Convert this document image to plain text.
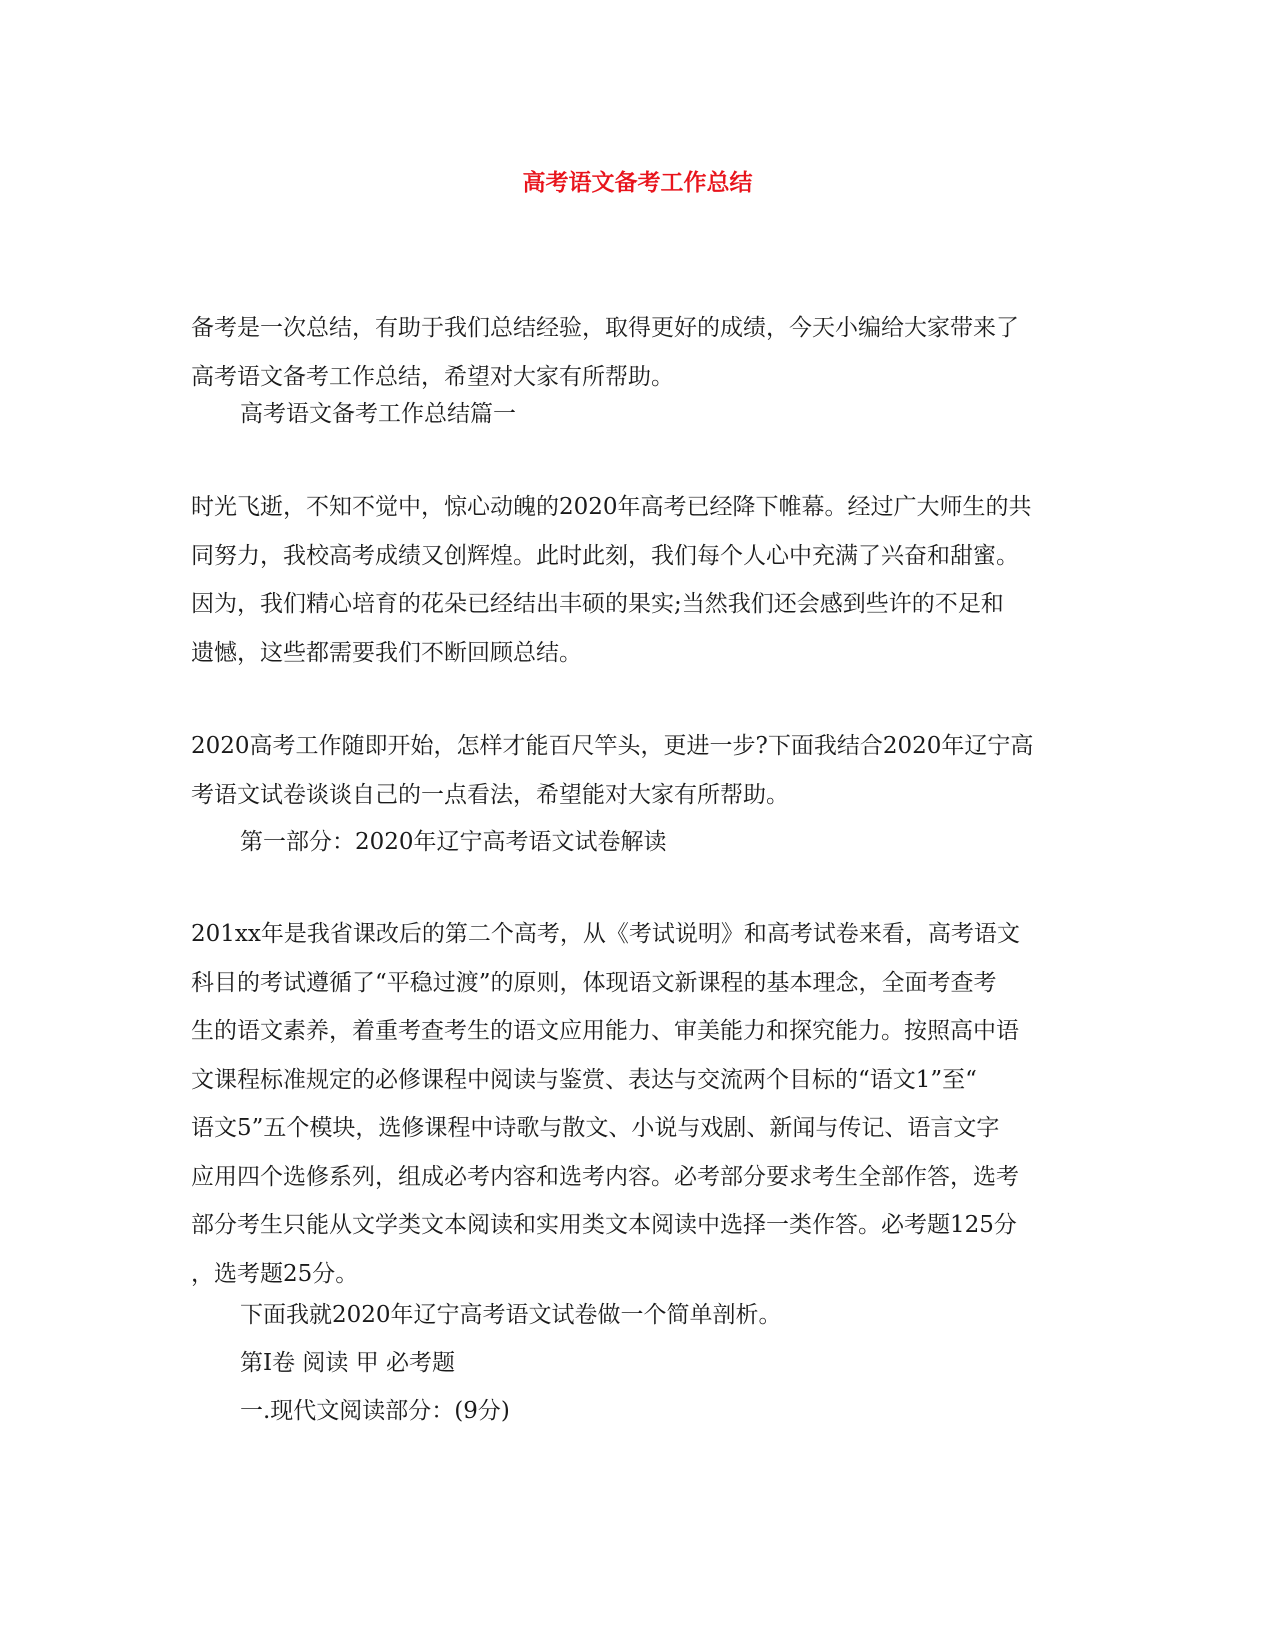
高考语文备考工作总结
备考是一次总结，有助于我们总结经验，取得更好的成绩，今天小编给大家带来了
高考语文备考工作总结，希望对大家有所帮助。
高考语文备考工作总结篇一
时光飞逝，不知不觉中，惊心动魄的2020年高考已经降下帷幕。经过广大师生的共
同努力，我校高考成绩又创辉煌。此时此刻，我们每个人心中充满了兴奋和甜蜜。
因为，我们精心培育的花朵已经结出丰硕的果实;当然我们还会感到些许的不足和
遗憾，这些都需要我们不断回顾总结。
2020高考工作随即开始，怎样才能百尺竿头，更进一步?下面我结合2020年辽宁高
考语文试卷谈谈自己的一点看法，希望能对大家有所帮助。
第一部分：2020年辽宁高考语文试卷解读
201xx年是我省课改后的第二个高考，从《考试说明》和高考试卷来看，高考语文
科目的考试遵循了“平稳过渡”的原则，体现语文新课程的基本理念，全面考查考
生的语文素养，着重考查考生的语文应用能力、审美能力和探究能力。按照高中语
文课程标准规定的必修课程中阅读与鉴赏、表达与交流两个目标的“语文1”至“
语文5”五个模块，选修课程中诗歌与散文、小说与戏剧、新闻与传记、语言文字
应用四个选修系列，组成必考内容和选考内容。必考部分要求考生全部作答，选考
部分考生只能从文学类文本阅读和实用类文本阅读中选择一类作答。必考题125分
，选考题25分。
下面我就2020年辽宁高考语文试卷做一个简单剖析。
第Ⅰ卷 阅读 甲 必考题
一.现代文阅读部分：(9分)
